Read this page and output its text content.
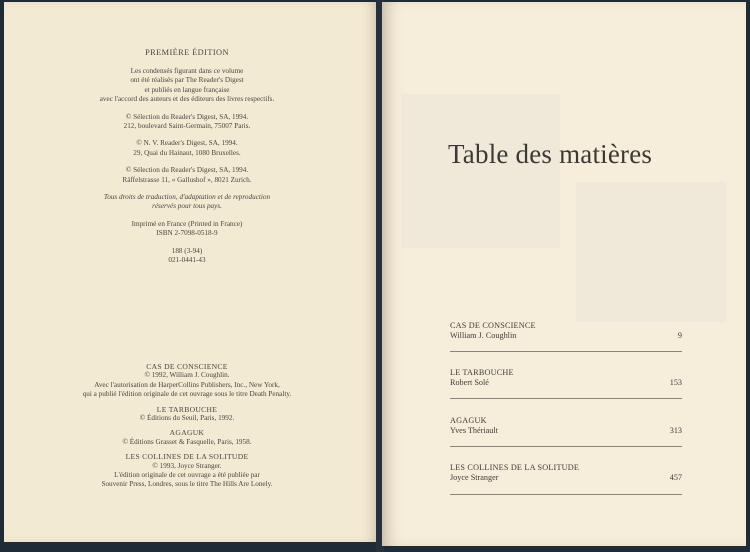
PREMIÈRE ÉDITION
Les condensés figurant dans ce volume
ont été réalisés par The Reader's Digest
et publiés en langue française
avec l'accord des auteurs et des éditeurs des livres respectifs.
© Sélection du Reader's Digest, SA, 1994.
212, boulevard Saint-Germain, 75007 Paris.
© N. V. Reader's Digest, SA, 1994.
29, Quai du Hainaut, 1080 Bruxelles.
© Sélection du Reader's Digest, SA, 1994.
Räffelstrasse 11, « Gallushof », 8021 Zurich.
Tous droits de traduction, d'adaptation et de reproduction
réservés pour tous pays.
Imprimé en France (Printed in France)
ISBN 2-7098-0518-9
188 (3-94)
021-0441-43
CAS DE CONSCIENCE
© 1992, William J. Coughlin.
Avec l'autorisation de HarperCollins Publishers, Inc., New York,
qui a publié l'édition originale de cet ouvrage sous le titre Death Penalty.
LE TARBOUCHE
© Éditions du Seuil, Paris, 1992.
AGAGUK
© Éditions Grasset & Fasquelle, Paris, 1958.
LES COLLINES DE LA SOLITUDE
© 1993, Joyce Stranger.
L'édition originale de cet ouvrage a été publiée par
Souvenir Press, Londres, sous le titre The Hills Are Lonely.
Table des matières
CAS DE CONSCIENCE
William J. Coughlin	9
LE TARBOUCHE
Robert Solé	153
AGAGUK
Yves Thériault	313
LES COLLINES DE LA SOLITUDE
Joyce Stranger	457
